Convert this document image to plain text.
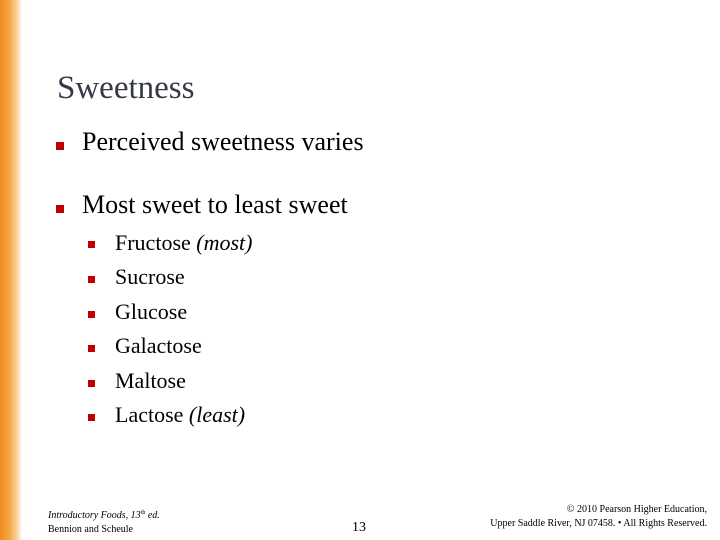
Sweetness
Perceived sweetness varies
Most sweet to least sweet
Fructose (most)
Sucrose
Glucose
Galactose
Maltose
Lactose (least)
Introductory Foods, 13th ed.
Bennion and Scheule	13
© 2010 Pearson Higher Education,
Upper Saddle River, NJ 07458. • All Rights Reserved.
